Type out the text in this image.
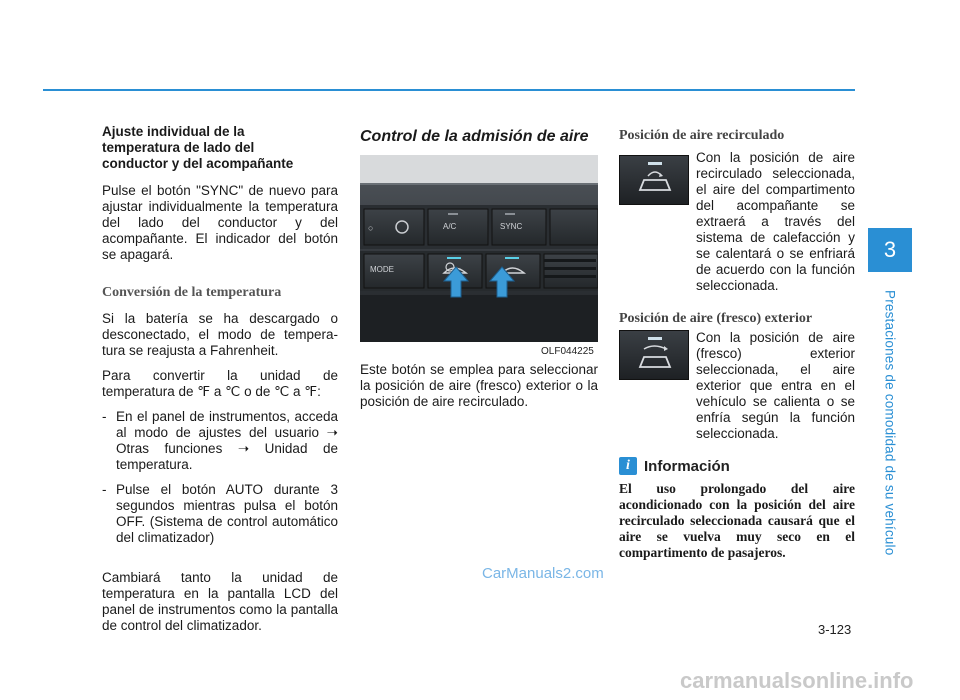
3
Prestaciones de comodidad de su vehículo
Ajuste individual de la temperatura de lado del conductor y del acompañante
Pulse el botón "SYNC" de nuevo para ajustar individualmente la temperatura del lado del conductor y del acompañante. El indicador del botón se apagará.
Conversión de la temperatura
Si la batería se ha descargado o desconectado, el modo de tempera-tura se reajusta a Fahrenheit.
Para convertir la unidad de temperatura de ℉ a ℃ o de ℃ a ℉:
- En el panel de instrumentos, acceda al modo de ajustes del usuario ➝ Otras funciones ➝ Unidad de temperatura.
- Pulse el botón AUTO durante 3 segundos mientras pulsa el botón OFF. (Sistema de control automático del climatizador)
Cambiará tanto la unidad de temperatura en la pantalla LCD del panel de instrumentos como la pantalla de control del climatizador.
Control de la admisión de aire
○
MODE
A/C	SYNC
OLF044225
Este botón se emplea para seleccionar la posición de aire (fresco) exterior o la posición de aire recirculado.
Posición de aire recirculado
Con la posición de aire recirculado seleccionada, el aire del compartimento del acompañante se extraerá a través del sistema de calefacción y se calentará o se enfriará de acuerdo con la función seleccionada.
Posición de aire (fresco) exterior
Con la posición de aire (fresco) exterior seleccionada, el aire exterior que entra en el vehículo se calienta o se enfría según la función seleccionada.
i Información
El uso prolongado del aire acondicionado con la posición del aire recirculado seleccionada causará que el aire se vuelva muy seco en el compartimento de pasajeros.
3-123
CarManuals2.com
carmanualsonline.info
